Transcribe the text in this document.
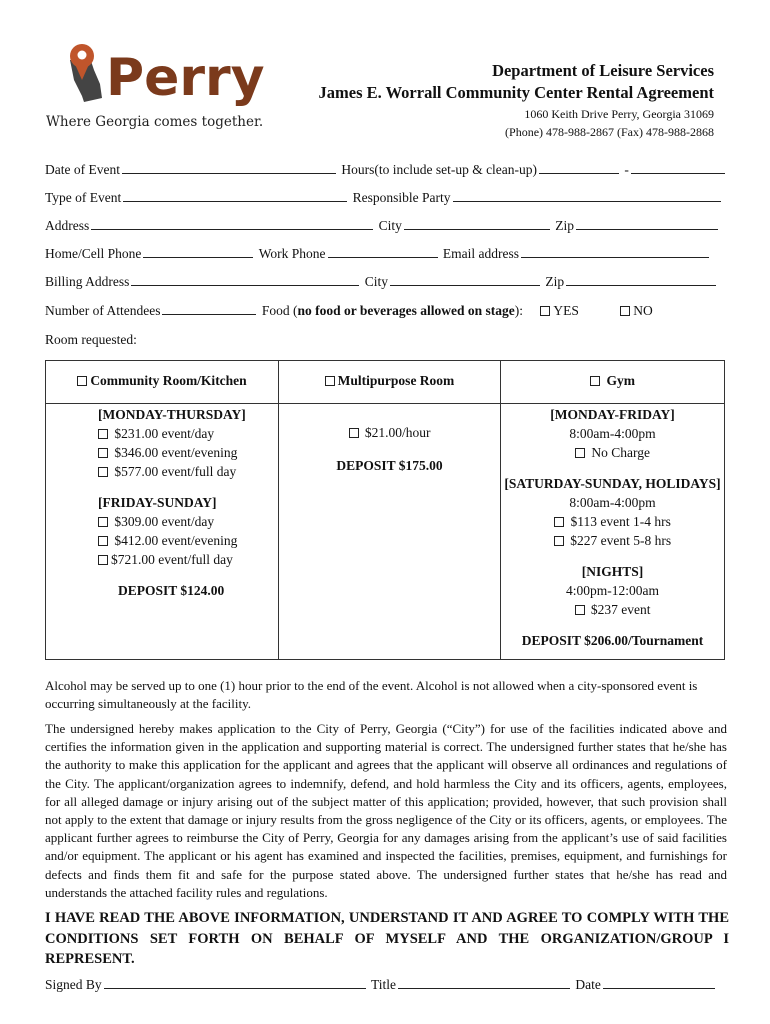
Perry
Where Georgia comes together.
Department of Leisure Services
James E. Worrall Community Center Rental Agreement
1060 Keith Drive Perry, Georgia 31069
(Phone) 478-988-2867 (Fax) 478-988-2868
Date of Event	Hours(to include set-up & clean-up)	-
Type of Event	Responsible Party
Address	City	Zip
Home/Cell Phone	Work Phone	Email address
Billing Address	City	Zip
Number of Attendees	Food (no food or beverages allowed on stage): YES	NO
Room requested:
Community Room/Kitchen
[MONDAY-THURSDAY]
$231.00 event/day
$346.00 event/evening
$577.00 event/full day
[FRIDAY-SUNDAY]
$309.00 event/day
$412.00 event/evening
$721.00 event/full day
DEPOSIT $124.00
Multipurpose Room
$21.00/hour
DEPOSIT $175.00
Gym
[MONDAY-FRIDAY]
8:00am-4:00pm
No Charge
[SATURDAY-SUNDAY, HOLIDAYS]
8:00am-4:00pm
$113 event 1-4 hrs
$227 event 5-8 hrs
[NIGHTS]
4:00pm-12:00am
$237 event
DEPOSIT $206.00/Tournament
Alcohol may be served up to one (1) hour prior to the end of the event. Alcohol is not allowed when a city-sponsored event is occurring simultaneously at the facility.
The undersigned hereby makes application to the City of Perry, Georgia (“City”) for use of the facilities indicated above and certifies the information given in the application and supporting material is correct. The undersigned further states that he/she has the authority to make this application for the applicant and agrees that the applicant will observe all ordinances and regulations of the City. The applicant/organization agrees to indemnify, defend, and hold harmless the City and its officers, agents, employees, for all alleged damage or injury arising out of the subject matter of this application; provided, however, that such provision shall not apply to the extent that damage or injury results from the gross negligence of the City or its officers, agents, or employees. The applicant further agrees to reimburse the City of Perry, Georgia for any damages arising from the applicant’s use of said facilities and/or equipment. The applicant or his agent has examined and inspected the facilities, premises, equipment, and furnishings for defects and finds them fit and safe for the purpose stated above. The undersigned further states that he/she has read and understands the attached facility rules and regulations.
I HAVE READ THE ABOVE INFORMATION, UNDERSTAND IT AND AGREE TO COMPLY WITH THE CONDITIONS SET FORTH ON BEHALF OF MYSELF AND THE ORGANIZATION/GROUP I REPRESENT.
Signed By	Title	Date
